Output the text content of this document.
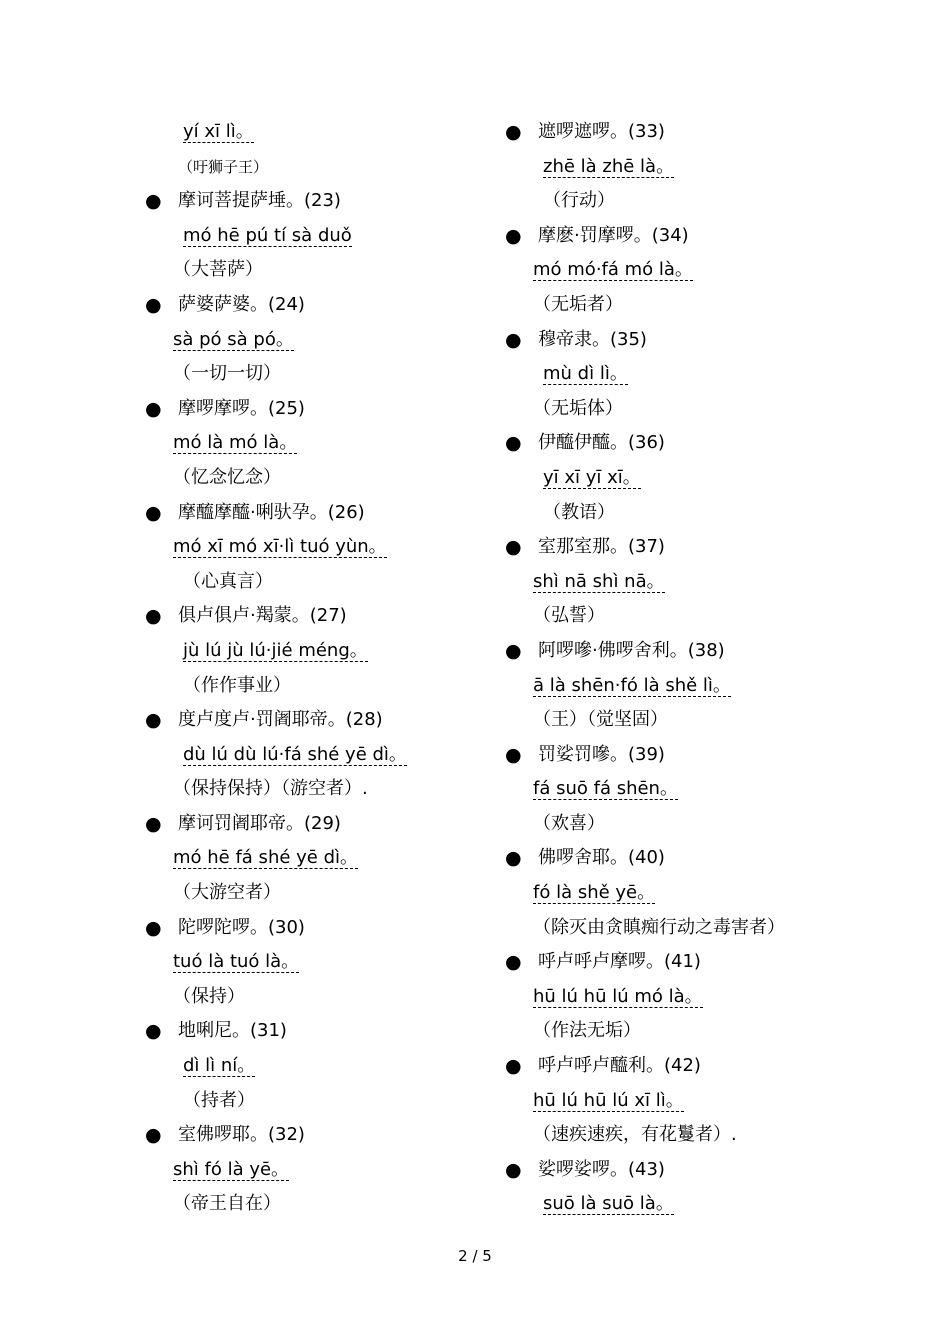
yí xī lì。
（吁狮子王）
● 摩诃菩提萨埵。(23)
mó hē pú tí sà duǒ
（大菩萨）
● 萨婆萨婆。(24)
sà pó sà pó。
（一切一切）
● 摩啰摩啰。(25)
mó là mó là。
（忆念忆念）
● 摩醯摩醯·唎驮孕。(26)
mó xī mó xī·lì tuó yùn。
（心真言）
● 俱卢俱卢·羯蒙。(27)
jù lú jù lú·jié méng。
（作作事业）
● 度卢度卢·罚阇耶帝。(28)
dù lú dù lú·fá shé yē dì。
（保持保持）（游空者）.
● 摩诃罚阇耶帝。(29)
mó hē fá shé yē dì。
（大游空者）
● 陀啰陀啰。(30)
tuó là tuó là。
（保持）
● 地唎尼。(31)
dì lì ní。
（持者）
● 室佛啰耶。(32)
shì fó là yē。
（帝王自在）
● 遮啰遮啰。(33)
zhē là zhē là。
（行动）
● 摩麽·罚摩啰。(34)
mó mó·fá mó là。
（无垢者）
● 穆帝隶。(35)
mù dì lì。
（无垢体）
● 伊醯伊醯。(36)
yī xī yī xī。
（教语）
● 室那室那。(37)
shì nā shì nā。
（弘誓）
● 阿啰嘇·佛啰舍利。(38)
ā là shēn·fó là shě lì。
（王）（觉坚固）
● 罚娑罚嘇。(39)
fá suō fá shēn。
（欢喜）
● 佛啰舍耶。(40)
fó là shě yē。
（除灭由贪瞋痴行动之毒害者）
● 呼卢呼卢摩啰。(41)
hū lú hū lú mó là。
（作法无垢）
● 呼卢呼卢醯利。(42)
hū lú hū lú xī lì。
（速疾速疾，有花鬘者）.
● 娑啰娑啰。(43)
suō là suō là。
2 / 5
